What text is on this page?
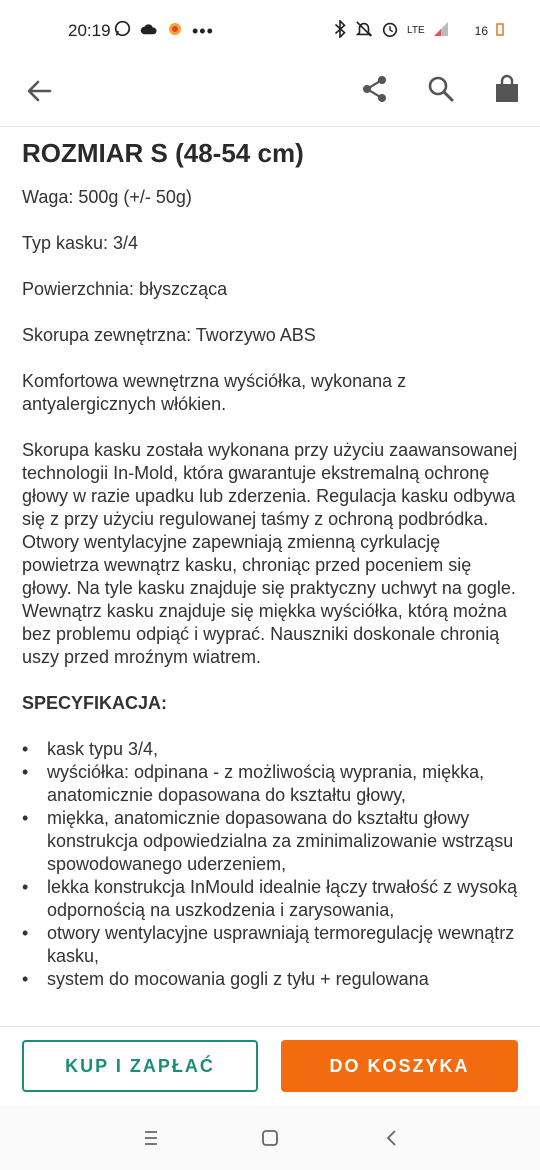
20:19	•••	LTE	16
ROZMIAR S (48-54 cm)

Waga: 500g (+/- 50g)

Typ kasku: 3/4

Powierzchnia: błyszcząca

Skorupa zewnętrzna: Tworzywo ABS

Komfortowa wewnętrzna wyściółka, wykonana z antyalergicznych włókien.

Skorupa kasku została wykonana przy użyciu zaawansowanej technologii In-Mold, która gwarantuje ekstremalną ochronę głowy w razie upadku lub zderzenia. Regulacja kasku odbywa się z przy użyciu regulowanej taśmy z ochroną podbródka. Otwory wentylacyjne zapewniają zmienną cyrkulację powietrza wewnątrz kasku, chroniąc przed poceniem się głowy. Na tyle kasku znajduje się praktyczny uchwyt na gogle. Wewnątrz kasku znajduje się miękka wyściółka, którą można bez problemu odpiąć i wyprać. Nauszniki doskonale chronią uszy przed mroźnym wiatrem.

SPECYFIKACJA:
• kask typu 3/4,
• wyściółka: odpinana - z możliwością wyprania, miękka, anatomicznie dopasowana do kształtu głowy,
• miękka, anatomicznie dopasowana do kształtu głowy konstrukcja odpowiedzialna za zminimalizowanie wstrząsu spowodowanego uderzeniem,
• lekka konstrukcja InMould idealnie łączy trwałość z wysoką odpornością na uszkodzenia i zarysowania,
• otwory wentylacyjne usprawniają termoregulację wewnątrz kasku,
• system do mocowania gogli z tyłu + regulowana
KUP I ZAPŁAĆ	DO KOSZYKA
